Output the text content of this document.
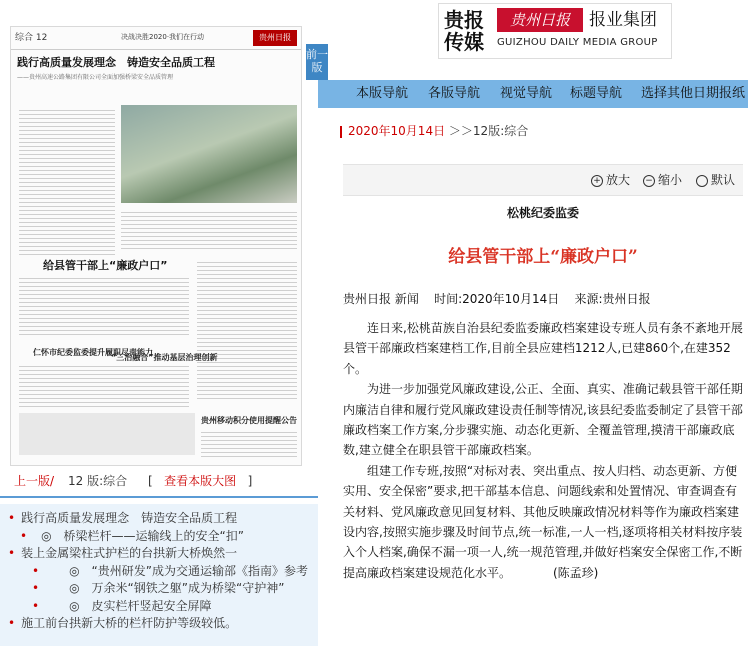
综合 12	决战决胜2020·我们在行动	贵州日报
践行高质量发展理念　铸造安全品质工程
——贵州高速公路集团有限公司全面加强桥梁安全品质管理
给县管干部上“廉政户口”
仁怀市纪委监委提升履职尽责能力
“三治融合”推动基层治理创新
贵州移动积分使用提醒公告
上一版/ 12 版:综合 [ 查看本版大图 ]
• 践行高质量发展理念　铸造安全品质工程
• ◎　桥梁栏杆——运输线上的安全“扣”
• 装上金属梁柱式护栏的台拱新大桥焕然一
•	◎　“贵州研发”成为交通运输部《指南》参考
•	◎　万余米“钢铁之躯”成为桥梁“守护神”
•	◎　皮实栏杆竖起安全屏障
• 施工前台拱新大桥的栏杆防护等级较低。
前一版
贵报传媒
贵州日报	报业集团
GUIZHOU DAILY MEDIA GROUP
本版导航 各版导航 视觉导航 标题导航 选择其他日期报纸
2020年10月14日 ＞＞12版:综合
+ 放大 − 缩小	默认
松桃纪委监委
给县管干部上“廉政户口”
贵州日报 新闻 时间:2020年10月14日 来源:贵州日报

连日来,松桃苗族自治县纪委监委廉政档案建设专班人员有条不紊地开展县管干部廉政档案建档工作,目前全县应建档1212人,已建860个,在建352个。

为进一步加强党风廉政建设,公正、全面、真实、准确记载县管干部任期内廉洁自律和履行党风廉政建设责任制等情况,该县纪委监委制定了县管干部廉政档案工作方案,分步骤实施、动态化更新、全覆盖管理,摸清干部廉政底数,建立健全在职县管干部廉政档案。

组建工作专班,按照“对标对表、突出重点、按人归档、动态更新、方便实用、安全保密”要求,把干部基本信息、问题线索和处置情况、审查调查有关材料、党风廉政意见回复材料、其他反映廉政情况材料等作为廉政档案建设内容,按照实施步骤及时间节点,统一标准,一人一档,逐项将相关材料按序装入个人档案,确保不漏一项一人,统一规范管理,并做好档案安全保密工作,不断提高廉政档案建设规范化水平。　　　　(陈孟珍)
